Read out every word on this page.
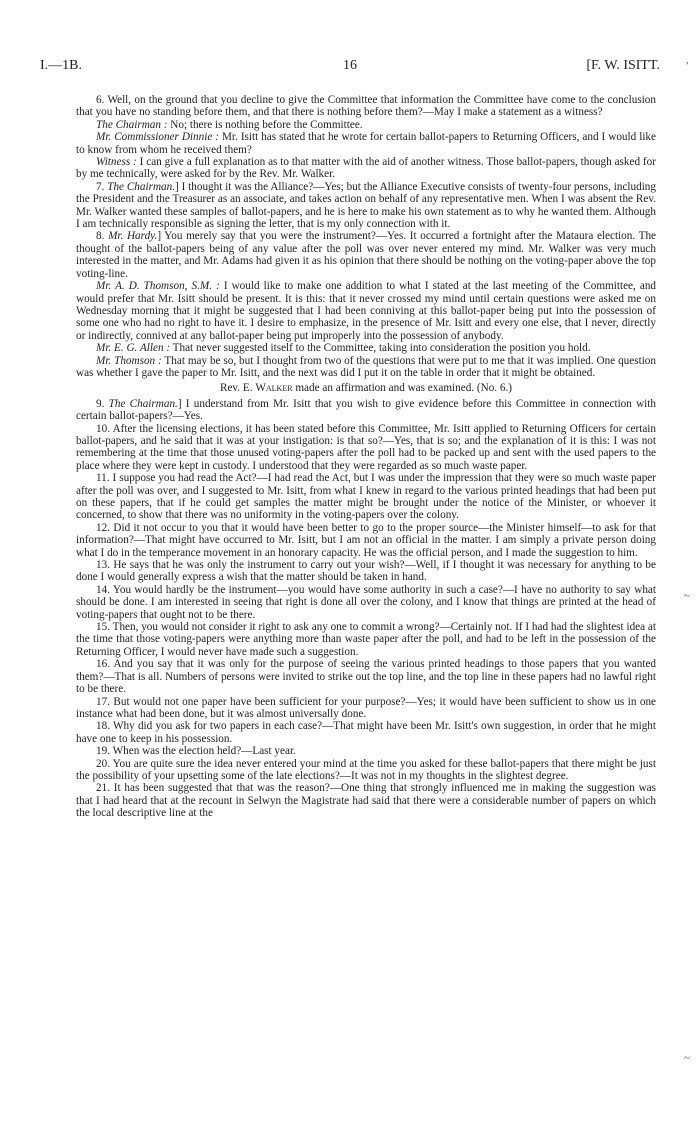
I.—1B.	16	[F. W. ISITT.

6. Well, on the ground that you decline to give the Committee that information the Committee have come to the conclusion that you have no standing before them, and that there is nothing before them?—May I make a statement as a witness?

The Chairman : No; there is nothing before the Committee.

Mr. Commissioner Dinnie : Mr. Isitt has stated that he wrote for certain ballot-papers to Returning Officers, and I would like to know from whom he received them?

Witness : I can give a full explanation as to that matter with the aid of another witness. Those ballot-papers, though asked for by me technically, were asked for by the Rev. Mr. Walker.

7. The Chairman.] I thought it was the Alliance?—Yes; but the Alliance Executive consists of twenty-four persons, including the President and the Treasurer as an associate, and takes action on behalf of any representative men. When I was absent the Rev. Mr. Walker wanted these samples of ballot-papers, and he is here to make his own statement as to why he wanted them. Although I am technically responsible as signing the letter, that is my only connection with it.

8. Mr. Hardy.] You merely say that you were the instrument?—Yes. It occurred a fortnight after the Mataura election. The thought of the ballot-papers being of any value after the poll was over never entered my mind. Mr. Walker was very much interested in the matter, and Mr. Adams had given it as his opinion that there should be nothing on the voting-paper above the top voting-line.

Mr. A. D. Thomson, S.M. : I would like to make one addition to what I stated at the last meeting of the Committee, and would prefer that Mr. Isitt should be present. It is this: that it never crossed my mind until certain questions were asked me on Wednesday morning that it might be suggested that I had been conniving at this ballot-paper being put into the possession of some one who had no right to have it. I desire to emphasize, in the presence of Mr. Isitt and every one else, that I never, directly or indirectly, connived at any ballot-paper being put improperly into the possession of anybody.

Mr. E. G. Allen : That never suggested itself to the Committee, taking into consideration the position you hold.

Mr. Thomson : That may be so, but I thought from two of the questions that were put to me that it was implied. One question was whether I gave the paper to Mr. Isitt, and the next was did I put it on the table in order that it might be obtained.

Rev. E. Walker made an affirmation and was examined. (No. 6.)

9. The Chairman.] I understand from Mr. Isitt that you wish to give evidence before this Committee in connection with certain ballot-papers?—Yes.

10. After the licensing elections, it has been stated before this Committee, Mr. Isitt applied to Returning Officers for certain ballot-papers, and he said that it was at your instigation: is that so?—Yes, that is so; and the explanation of it is this: I was not remembering at the time that those unused voting-papers after the poll had to be packed up and sent with the used papers to the place where they were kept in custody. I understood that they were regarded as so much waste paper.

11. I suppose you had read the Act?—I had read the Act, but I was under the impression that they were so much waste paper after the poll was over, and I suggested to Mr. Isitt, from what I knew in regard to the various printed headings that had been put on these papers, that if he could get samples the matter might be brought under the notice of the Minister, or whoever it concerned, to show that there was no uniformity in the voting-papers over the colony.

12. Did it not occur to you that it would have been better to go to the proper source—the Minister himself—to ask for that information?—That might have occurred to Mr. Isitt, but I am not an official in the matter. I am simply a private person doing what I do in the temperance movement in an honorary capacity. He was the official person, and I made the suggestion to him.

13. He says that he was only the instrument to carry out your wish?—Well, if I thought it was necessary for anything to be done I would generally express a wish that the matter should be taken in hand.

14. You would hardly be the instrument—you would have some authority in such a case?—I have no authority to say what should be done. I am interested in seeing that right is done all over the colony, and I know that things are printed at the head of voting-papers that ought not to be there.

15. Then, you would not consider it right to ask any one to commit a wrong?—Certainly not. If I had had the slightest idea at the time that those voting-papers were anything more than waste paper after the poll, and had to be left in the possession of the Returning Officer, I would never have made such a suggestion.

16. And you say that it was only for the purpose of seeing the various printed headings to those papers that you wanted them?—That is all. Numbers of persons were invited to strike out the top line, and the top line in these papers had no lawful right to be there.

17. But would not one paper have been sufficient for your purpose?—Yes; it would have been sufficient to show us in one instance what had been done, but it was almost universally done.

18. Why did you ask for two papers in each case?—That might have been Mr. Isitt's own suggestion, in order that he might have one to keep in his possession.

19. When was the election held?—Last year.

20. You are quite sure the idea never entered your mind at the time you asked for these ballot-papers that there might be just the possibility of your upsetting some of the late elections?—It was not in my thoughts in the slightest degree.

21. It has been suggested that that was the reason?—One thing that strongly influenced me in making the suggestion was that I had heard that at the recount in Selwyn the Magistrate had said that there were a considerable number of papers on which the local descriptive line at the

,
~
~
